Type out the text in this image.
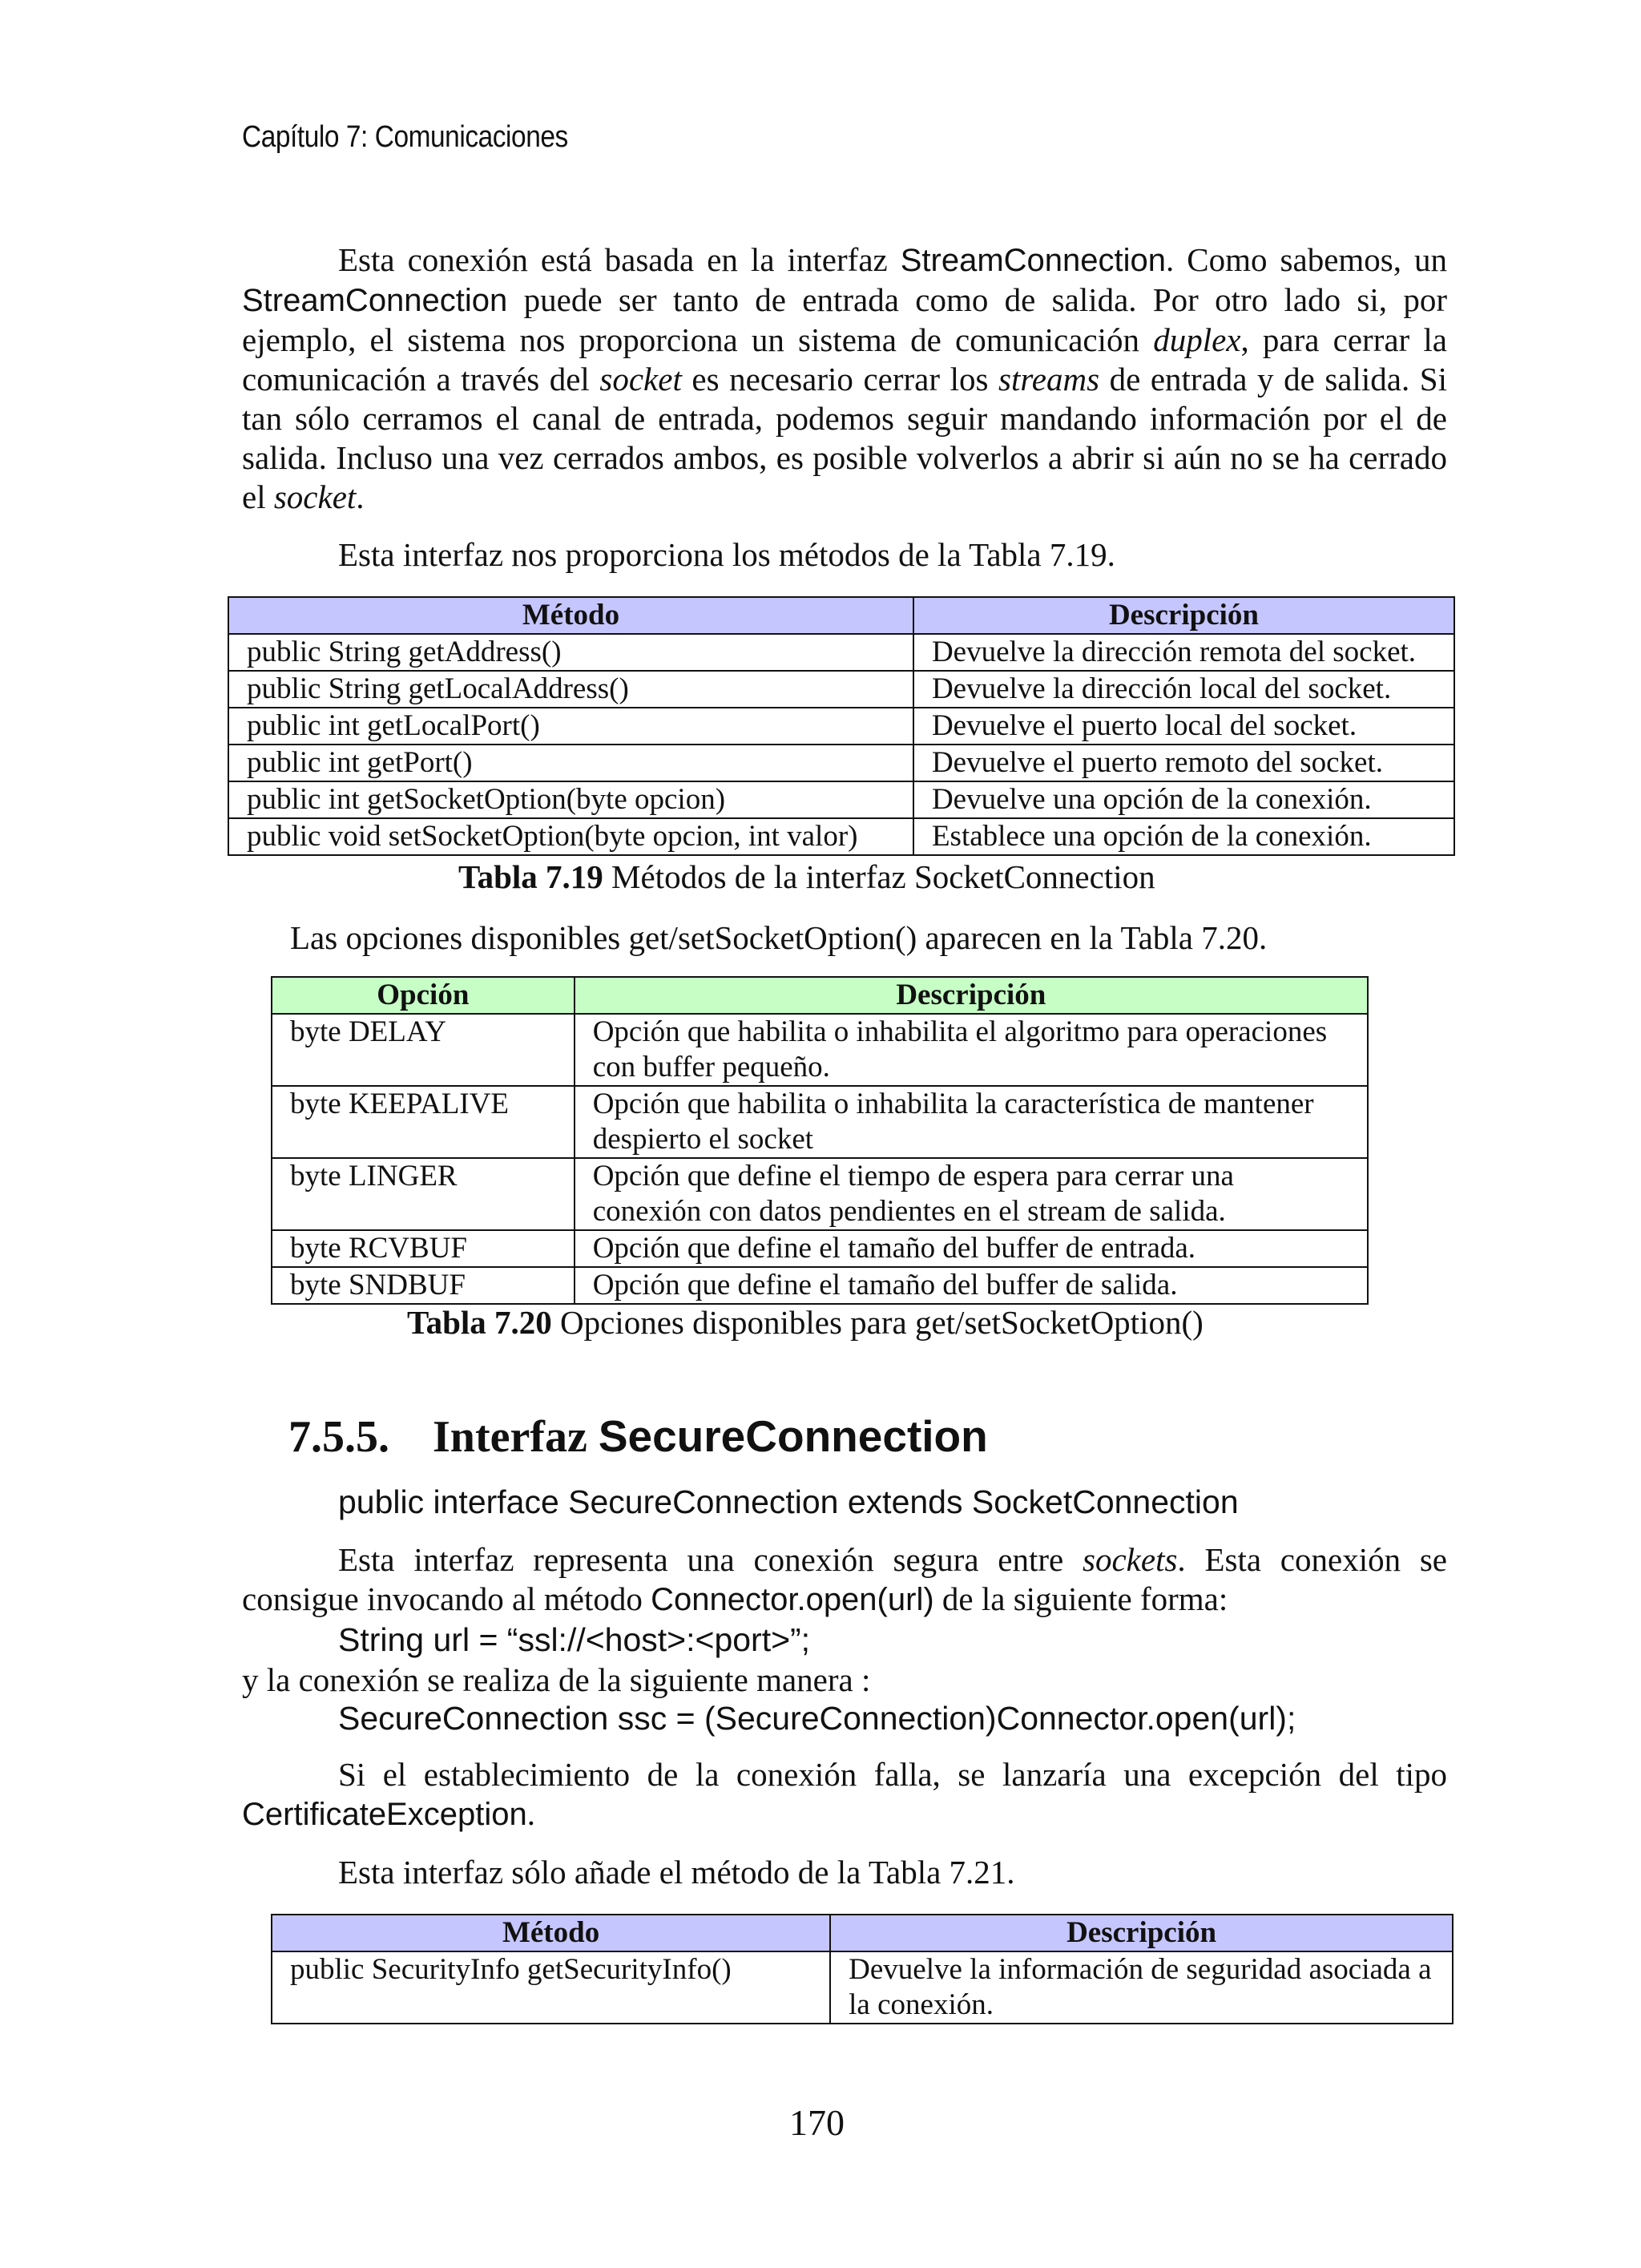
Capítulo 7: Comunicaciones

Esta conexión está basada en la interfaz StreamConnection. Como sabemos, un StreamConnection puede ser tanto de entrada como de salida. Por otro lado si, por ejemplo, el sistema nos proporciona un sistema de comunicación duplex, para cerrar la comunicación a través del socket es necesario cerrar los streams de entrada y de salida. Si tan sólo cerramos el canal de entrada, podemos seguir mandando información por el de salida. Incluso una vez cerrados ambos, es posible volverlos a abrir si aún no se ha cerrado el socket.

Esta interfaz nos proporciona los métodos de la Tabla 7.19.

Método	Descripción
public String getAddress()	Devuelve la dirección remota del socket.
public String getLocalAddress()	Devuelve la dirección local del socket.
public int getLocalPort()	Devuelve el puerto local del socket.
public int getPort()	Devuelve el puerto remoto del socket.
public int getSocketOption(byte opcion)	Devuelve una opción de la conexión.
public void setSocketOption(byte opcion, int valor)	Establece una opción de la conexión.
Tabla 7.19 Métodos de la interfaz SocketConnection

Las opciones disponibles get/setSocketOption() aparecen en la Tabla 7.20.

Opción	Descripción
byte DELAY	Opción que habilita o inhabilita el algoritmo para operaciones con buffer pequeño.
byte KEEPALIVE	Opción que habilita o inhabilita la característica de mantener despierto el socket
byte LINGER	Opción que define el tiempo de espera para cerrar una conexión con datos pendientes en el stream de salida.
byte RCVBUF	Opción que define el tamaño del buffer de entrada.
byte SNDBUF	Opción que define el tamaño del buffer de salida.
Tabla 7.20 Opciones disponibles para get/setSocketOption()
7.5.5. Interfaz SecureConnection
public interface SecureConnection extends SocketConnection

Esta interfaz representa una conexión segura entre sockets. Esta conexión se consigue invocando al método Connector.open(url) de la siguiente forma:

String url = “ssl://<host>:<port>”;

y la conexión se realiza de la siguiente manera :

SecureConnection ssc = (SecureConnection)Connector.open(url);

Si el establecimiento de la conexión falla, se lanzaría una excepción del tipo CertificateException.

Esta interfaz sólo añade el método de la Tabla 7.21.

Método	Descripción
public SecurityInfo getSecurityInfo()	Devuelve la información de seguridad asociada a la conexión.
170
